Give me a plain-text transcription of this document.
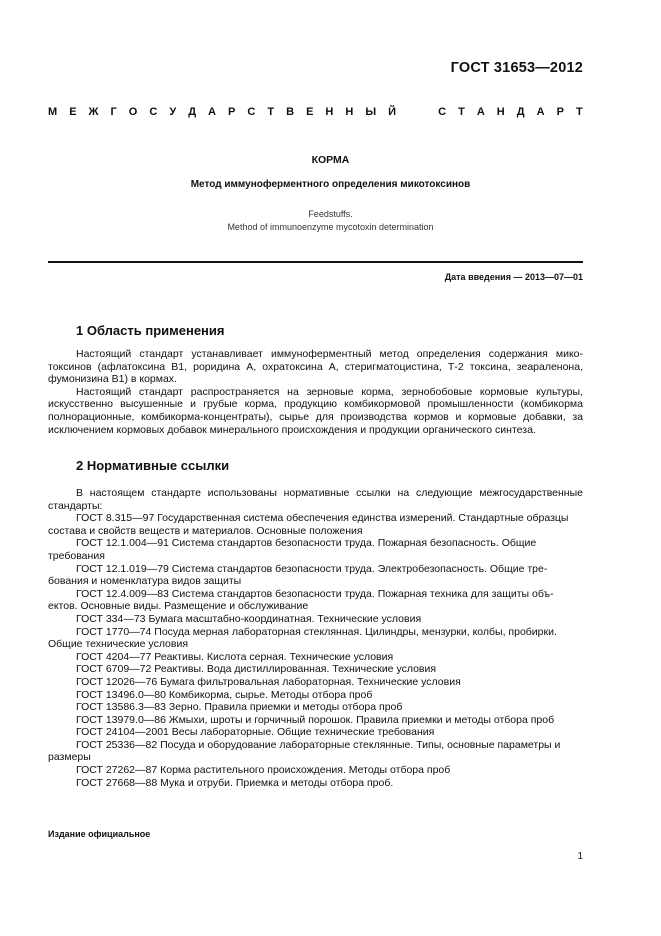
ГОСТ 31653—2012
М Е Ж Г О С У Д А Р С Т В Е Н Н Ы Й	С Т А Н Д А Р Т
КОРМА
Метод иммуноферментного определения микотоксинов
Feedstuffs.
Method of immunoenzyme mycotoxin determination
Дата введения — 2013—07—01
1 Область применения

Настоящий стандарт устанавливает иммуноферментный метод определения содержания мико-токсинов (афлатоксина В1, роридина А, охратоксина А, стеригматоцистина, Т-2 токсина, зеараленона, фумонизина В1) в кормах.

Настоящий стандарт распространяется на зерновые корма, зернобобовые кормовые культуры, искусственно высушенные и грубые корма, продукцию комбикормовой промышленности (комбикорма полнорационные, комбикорма-концентраты), сырье для производства кормов и кормовые добавки, за исключением кормовых добавок минерального происхождения и продукции органического синтеза.

2 Нормативные ссылки

В настоящем стандарте использованы нормативные ссылки на следующие межгосударственные стандарты:

ГОСТ 8.315—97 Государственная система обеспечения единства измерений. Стандартные образцы состава и свойств веществ и материалов. Основные положения
ГОСТ 12.1.004—91 Система стандартов безопасности труда. Пожарная безопасность. Общие требования
ГОСТ 12.1.019—79 Система стандартов безопасности труда. Электробезопасность. Общие тре-бования и номенклатура видов защиты
ГОСТ 12.4.009—83 Система стандартов безопасности труда. Пожарная техника для защиты объ-ектов. Основные виды. Размещение и обслуживание
ГОСТ 334—73 Бумага масштабно-координатная. Технические условия
ГОСТ 1770—74 Посуда мерная лабораторная стеклянная. Цилиндры, мензурки, колбы, пробирки. Общие технические условия
ГОСТ 4204—77 Реактивы. Кислота серная. Технические условия
ГОСТ 6709—72 Реактивы. Вода дистиллированная. Технические условия
ГОСТ 12026—76 Бумага фильтровальная лабораторная. Технические условия
ГОСТ 13496.0—80 Комбикорма, сырье. Методы отбора проб
ГОСТ 13586.3—83 Зерно. Правила приемки и методы отбора проб
ГОСТ 13979.0—86 Жмыхи, шроты и горчичный порошок. Правила приемки и методы отбора проб
ГОСТ 24104—2001 Весы лабораторные. Общие технические требования
ГОСТ 25336—82 Посуда и оборудование лабораторные стеклянные. Типы, основные параметры и размеры
ГОСТ 27262—87 Корма растительного происхождения. Методы отбора проб
ГОСТ 27668—88 Мука и отруби. Приемка и методы отбора проб.
Издание официальное
1
